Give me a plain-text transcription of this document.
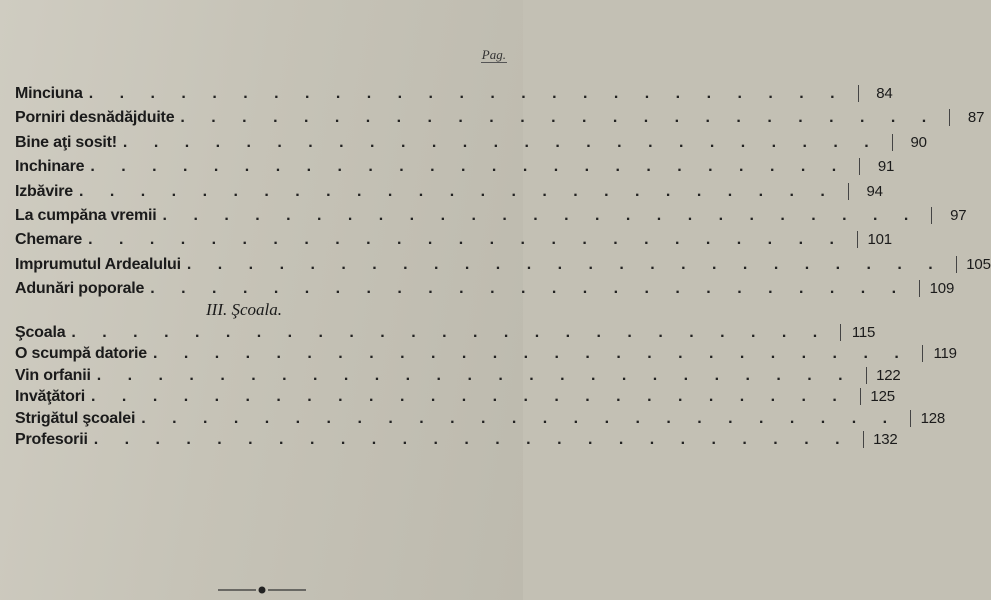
Pag.
Minciuna . . . . . . . . . . . . . . . . . . . . . . . . .	84
Porniri desnădăjduite . . . . . . . . . . . . . . . . . . . . . . . . .	87
Bine aţi sosit! . . . . . . . . . . . . . . . . . . . . . . . . .	90
Inchinare . . . . . . . . . . . . . . . . . . . . . . . . .	91
Izbăvire . . . . . . . . . . . . . . . . . . . . . . . . .	94
La cumpăna vremii . . . . . . . . . . . . . . . . . . . . . . . . .	97
Chemare . . . . . . . . . . . . . . . . . . . . . . . . .	101
Imprumutul Ardealului . . . . . . . . . . . . . . . . . . . . . . . . .	105
Adunări poporale . . . . . . . . . . . . . . . . . . . . . . . . .	109
III. Şcoala.
Şcoala . . . . . . . . . . . . . . . . . . . . . . . . .	115
O scumpă datorie . . . . . . . . . . . . . . . . . . . . . . . . .	119
Vin orfanii . . . . . . . . . . . . . . . . . . . . . . . . .	122
Invăţători . . . . . . . . . . . . . . . . . . . . . . . . .	125
Strigătul şcoalei . . . . . . . . . . . . . . . . . . . . . . . . .	128
Profesorii . . . . . . . . . . . . . . . . . . . . . . . . .	132
